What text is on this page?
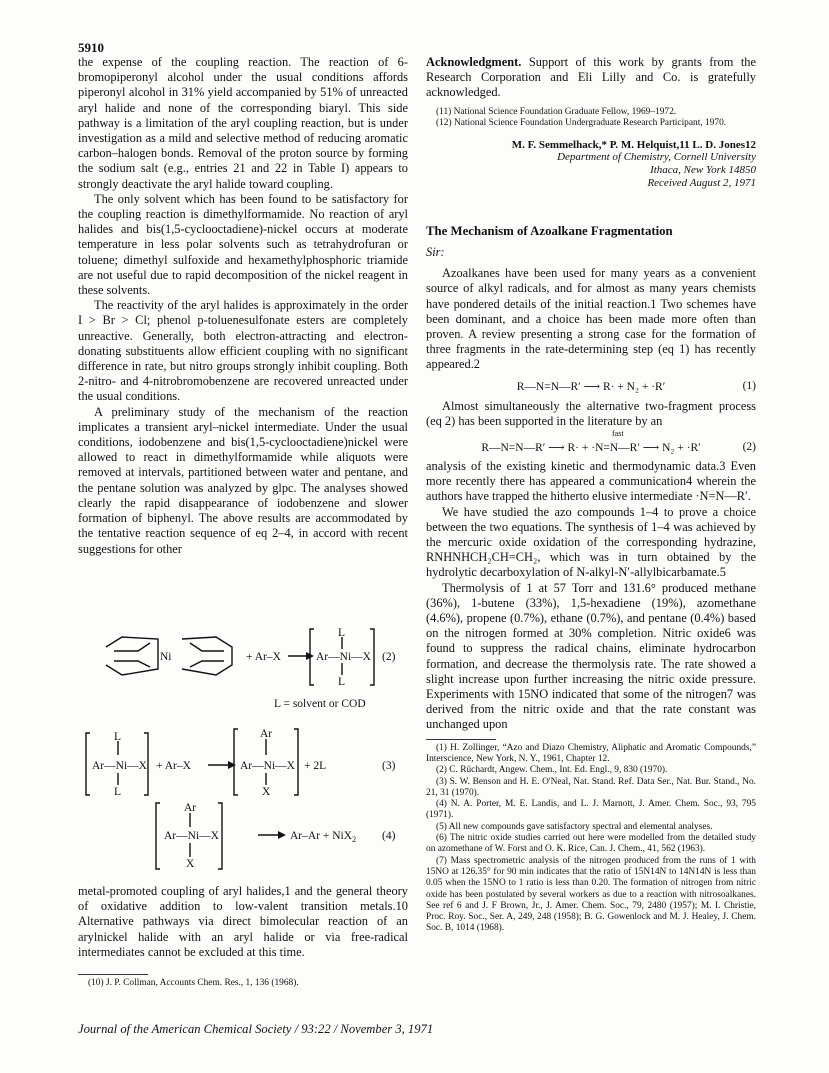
5910

the expense of the coupling reaction. The reaction of 6-bromopiperonyl alcohol under the usual conditions affords piperonyl alcohol in 31% yield accompanied by 51% of unreacted aryl halide and none of the corresponding biaryl. This side pathway is a limitation of the aryl coupling reaction, but is under investigation as a mild and selective method of reducing aromatic carbon–halogen bonds. Removal of the proton source by forming the sodium salt (e.g., entries 21 and 22 in Table I) appears to strongly deactivate the aryl halide toward coupling.

The only solvent which has been found to be satisfactory for the coupling reaction is dimethylformamide. No reaction of aryl halides and bis(1,5-cyclooctadiene)-nickel occurs at moderate temperature in less polar solvents such as tetrahydrofuran or toluene; dimethyl sulfoxide and hexamethylphosphoric triamide are not useful due to rapid decomposition of the nickel reagent in these solvents.

The reactivity of the aryl halides is approximately in the order I > Br > Cl; phenol p-toluenesulfonate esters are completely unreactive. Generally, both electron-attracting and electron-donating substituents allow efficient coupling with no significant difference in rate, but nitro groups strongly inhibit coupling. Both 2-nitro- and 4-nitrobromobenzene are recovered unreacted under the usual conditions.

A preliminary study of the mechanism of the reaction implicates a transient aryl–nickel intermediate. Under the usual conditions, iodobenzene and bis(1,5-cyclooctadiene)nickel were allowed to react in dimethylformamide while aliquots were removed at intervals, partitioned between water and pentane, and the pentane solution was analyzed by glpc. The analyses showed clearly the rapid disappearance of iodobenzene and slower formation of biphenyl. The above results are accommodated by the tentative reaction sequence of eq 2–4, in accord with recent suggestions for other

Ni	+ Ar–X
L
Ar—Ni—X
L
(2)
L = solvent or COD
L
Ar—Ni—X
L
+ Ar–X
Ar
Ar—Ni—X
X
+ 2L	(3)
Ar
Ar—Ni—X
X
Ar–Ar + NiX$_2$ (4)

metal-promoted coupling of aryl halides,1 and the general theory of oxidative addition to low-valent transition metals.10 Alternative pathways via direct bimolecular reaction of an arylnickel halide with an aryl halide or via free-radical intermediates cannot be excluded at this time.

(10) J. P. Collman, Accounts Chem. Res., 1, 136 (1968).

Acknowledgment. Support of this work by grants from the Research Corporation and Eli Lilly and Co. is gratefully acknowledged.

(11) National Science Foundation Graduate Fellow, 1969–1972.

(12) National Science Foundation Undergraduate Research Participant, 1970.

M. F. Semmelhack,* P. M. Helquist,11 L. D. Jones12
Department of Chemistry, Cornell University
Ithaca, New York 14850
Received August 2, 1971
The Mechanism of Azoalkane Fragmentation
Sir:

Azoalkanes have been used for many years as a convenient source of alkyl radicals, and for almost as many years chemists have pondered details of the initial reaction.1 Two schemes have been dominant, and a choice has been made more often than proven. A review presenting a strong case for the formation of three fragments in the rate-determining step (eq 1) has recently appeared.2

R—N=N—R′ ⟶ R· + N₂ + ·R′	(1)

Almost simultaneously the alternative two-fragment process (eq 2) has been supported in the literature by an

R—N=N—R′ ⟶ R· + ·N=N—R′ ⟶ N₂ + ·R′
fast
(2)

analysis of the existing kinetic and thermodynamic data.3 Even more recently there has appeared a communication4 wherein the authors have trapped the hitherto elusive intermediate ·N=N—R′.

We have studied the azo compounds 1–4 to prove a choice between the two equations. The synthesis of 1–4 was achieved by the mercuric oxide oxidation of the corresponding hydrazine, RNHNHCH₂CH=CH₂, which was in turn obtained by the hydrolytic decarboxylation of N-alkyl-N′-allylbicarbamate.5

Thermolysis of 1 at 57 Torr and 131.6° produced methane (36%), 1-butene (33%), 1,5-hexadiene (19%), azomethane (4.6%), propene (0.7%), ethane (0.7%), and pentane (0.4%) based on the nitrogen formed at 30% completion. Nitric oxide6 was found to suppress the radical chains, eliminate hydrocarbon formation, and decrease the thermolysis rate. The rate showed a slight increase upon further increasing the nitric oxide pressure. Experiments with 15NO indicated that some of the nitrogen7 was derived from the nitric oxide and that the rate constant was unchanged upon

(1) H. Zollinger, “Azo and Diazo Chemistry, Aliphatic and Aromatic Compounds,” Interscience, New York, N. Y., 1961, Chapter 12.

(2) C. Rüchardt, Angew. Chem., Int. Ed. Engl., 9, 830 (1970).

(3) S. W. Benson and H. E. O'Neal, Nat. Stand. Ref. Data Ser., Nat. Bur. Stand., No. 21, 31 (1970).

(4) N. A. Porter, M. E. Landis, and L. J. Marnott, J. Amer. Chem. Soc., 93, 795 (1971).

(5) All new compounds gave satisfactory spectral and elemental analyses.

(6) The nitric oxide studies carried out here were modelled from the detailed study on azomethane of W. Forst and O. K. Rice, Can. J. Chem., 41, 562 (1963).

(7) Mass spectrometric analysis of the nitrogen produced from the runs of 1 with 15NO at 126.35° for 90 min indicates that the ratio of 15N14N to 14N14N is less than 0.05 when the 15NO to 1 ratio is less than 0.20. The formation of nitrogen from nitric oxide has been postulated by several workers as due to a reaction with nitrosoalkanes. See ref 6 and J. F Brown, Jr., J. Amer. Chem. Soc., 79, 2480 (1957); M. I. Christie, Proc. Roy. Soc., Ser. A, 249, 248 (1958); B. G. Gowenlock and M. J. Healey, J. Chem. Soc. B, 1014 (1968).

Journal of the American Chemical Society / 93:22 / November 3, 1971
